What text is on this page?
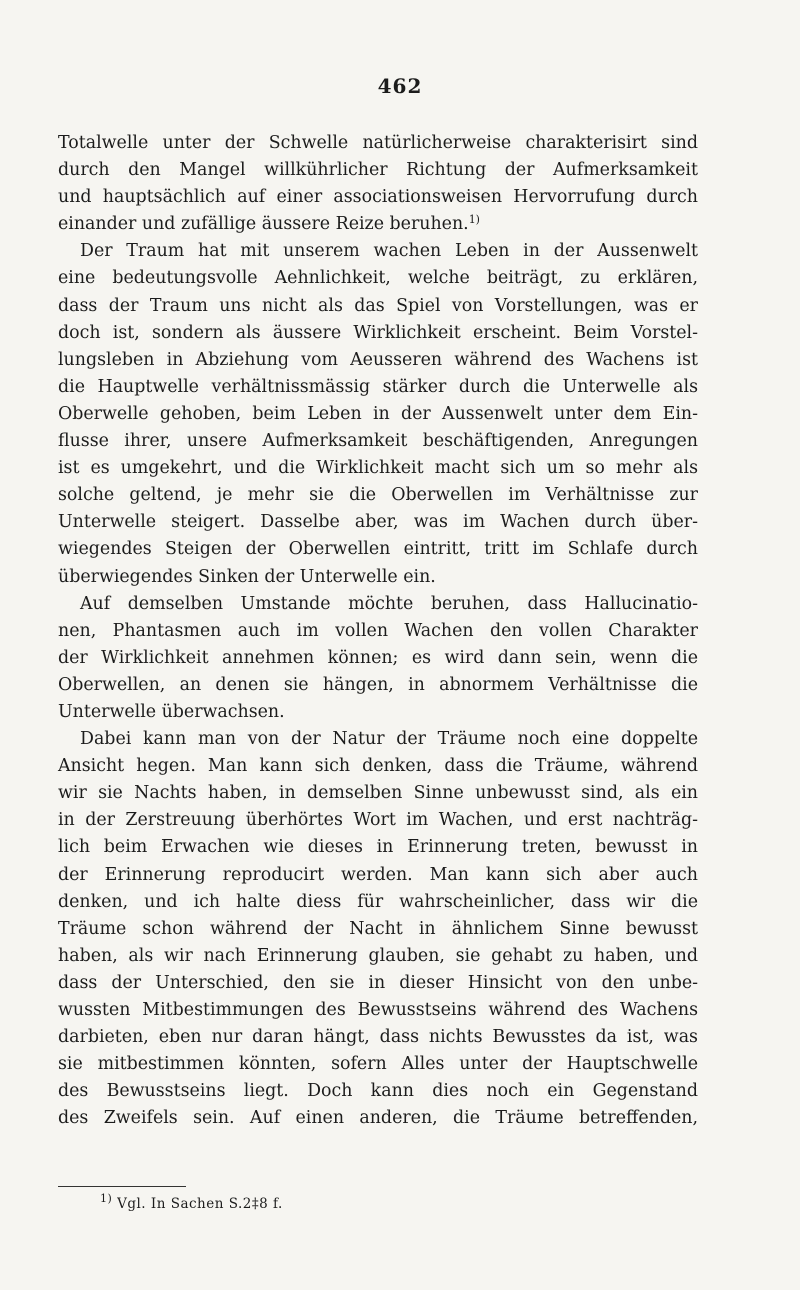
462
Totalwelle unter der Schwelle natürlicherweise charakterisirt sind
durch den Mangel willkührlicher Richtung der Aufmerksamkeit
und hauptsächlich auf einer associationsweisen Hervorrufung durch
einander und zufällige äussere Reize beruhen.$^{1)}$
Der Traum hat mit unserem wachen Leben in der Aussenwelt
eine bedeutungsvolle Aehnlichkeit, welche beiträgt, zu erklären,
dass der Traum uns nicht als das Spiel von Vorstellungen, was er
doch ist, sondern als äussere Wirklichkeit erscheint. Beim Vorstel-
lungsleben in Abziehung vom Aeusseren während des Wachens ist
die Hauptwelle verhältnissmässig stärker durch die Unterwelle als
Oberwelle gehoben, beim Leben in der Aussenwelt unter dem Ein-
flusse ihrer, unsere Aufmerksamkeit beschäftigenden, Anregungen
ist es umgekehrt, und die Wirklichkeit macht sich um so mehr als
solche geltend, je mehr sie die Oberwellen im Verhältnisse zur
Unterwelle steigert. Dasselbe aber, was im Wachen durch über-
wiegendes Steigen der Oberwellen eintritt, tritt im Schlafe durch
überwiegendes Sinken der Unterwelle ein.
Auf demselben Umstande möchte beruhen, dass Hallucinatio-
nen, Phantasmen auch im vollen Wachen den vollen Charakter
der Wirklichkeit annehmen können; es wird dann sein, wenn die
Oberwellen, an denen sie hängen, in abnormem Verhältnisse die
Unterwelle überwachsen.
Dabei kann man von der Natur der Träume noch eine doppelte
Ansicht hegen. Man kann sich denken, dass die Träume, während
wir sie Nachts haben, in demselben Sinne unbewusst sind, als ein
in der Zerstreuung überhörtes Wort im Wachen, und erst nachträg-
lich beim Erwachen wie dieses in Erinnerung treten, bewusst in
der Erinnerung reproducirt werden. Man kann sich aber auch
denken, und ich halte diess für wahrscheinlicher, dass wir die
Träume schon während der Nacht in ähnlichem Sinne bewusst
haben, als wir nach Erinnerung glauben, sie gehabt zu haben, und
dass der Unterschied, den sie in dieser Hinsicht von den unbe-
wussten Mitbestimmungen des Bewusstseins während des Wachens
darbieten, eben nur daran hängt, dass nichts Bewusstes da ist, was
sie mitbestimmen könnten, sofern Alles unter der Hauptschwelle
des Bewusstseins liegt. Doch kann dies noch ein Gegenstand
des Zweifels sein. Auf einen anderen, die Träume betreffenden,
$^{1)}$ Vgl. In Sachen S.2‡8 f.
